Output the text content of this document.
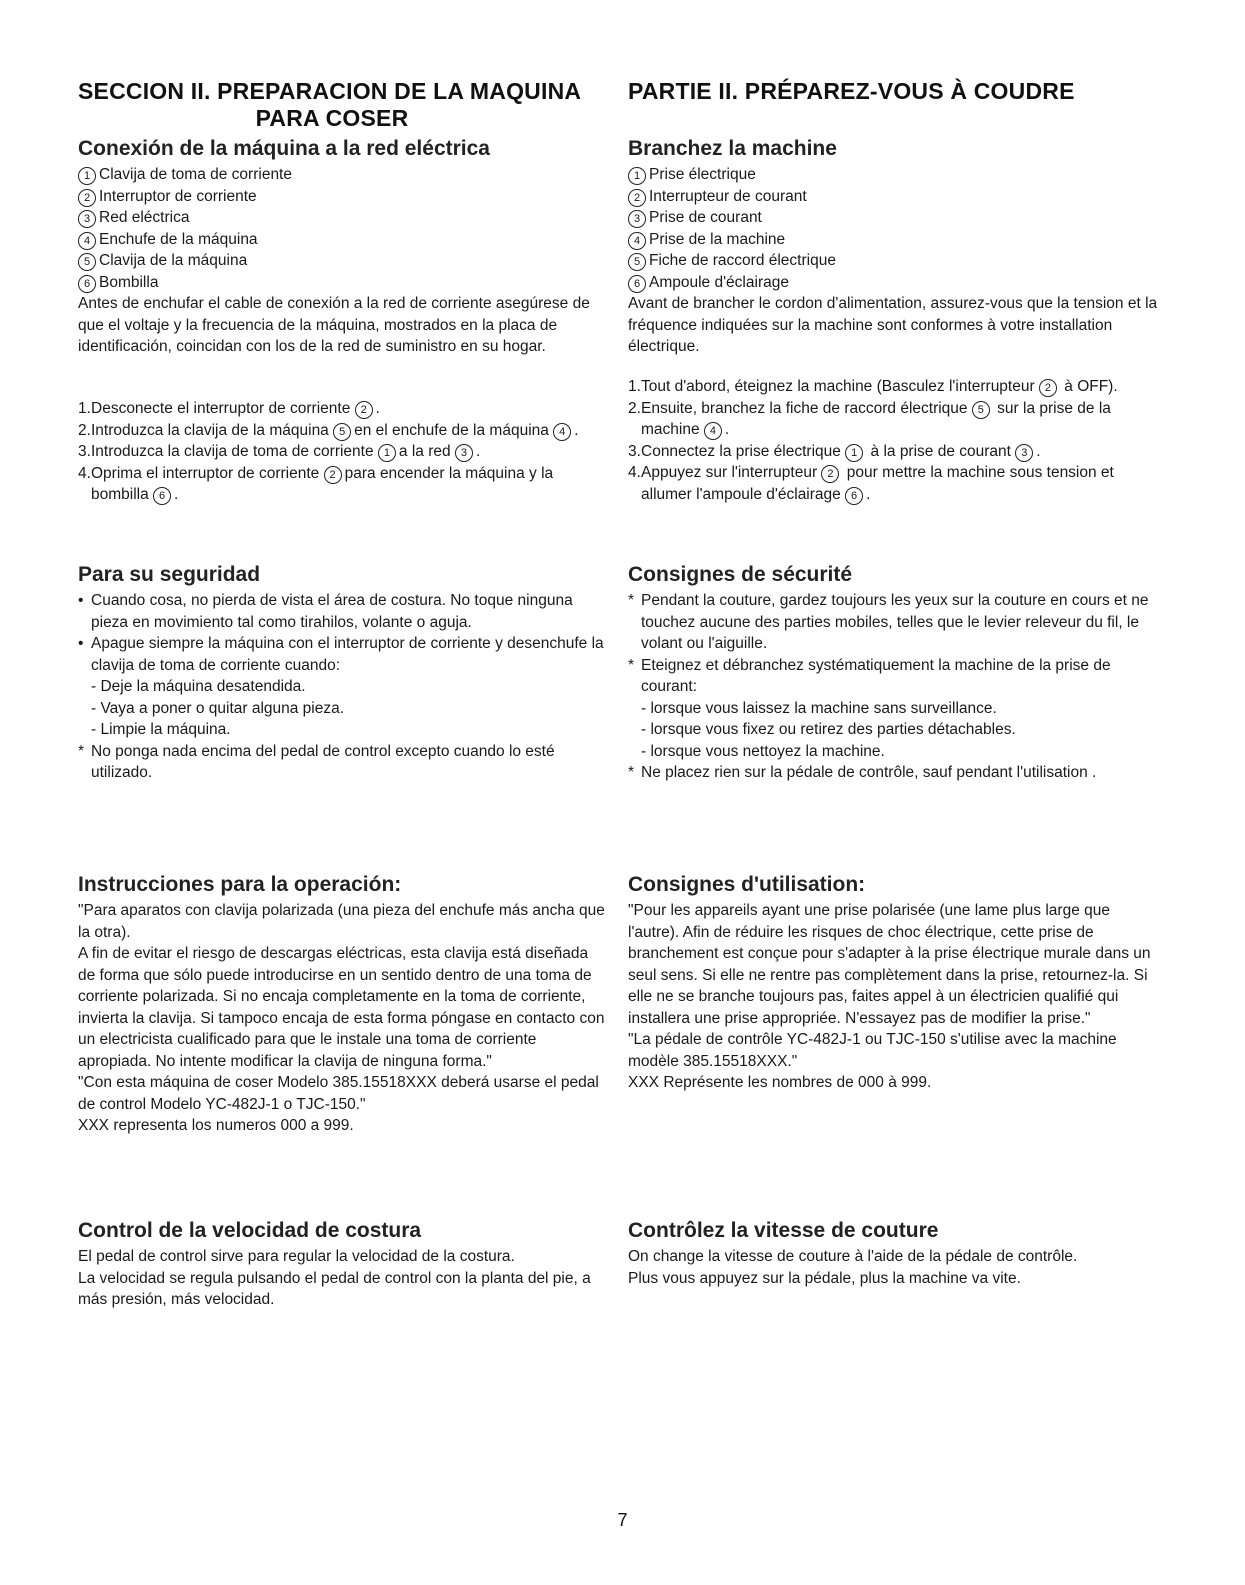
SECCION II. PREPARACION DE LA MAQUINA
PARA COSER
Conexión de la máquina a la red eléctrica
1 Clavija de toma de corriente
2 Interruptor de corriente
3 Red eléctrica
4 Enchufe de la máquina
5 Clavija de la máquina
6 Bombilla

Antes de enchufar el cable de conexión a la red de corriente asegúrese de que el voltaje y la frecuencia de la máquina, mostrados en la placa de identificación, coincidan con los de la red de suministro en su hogar.

1. Desconecte el interruptor de corriente 2 .
2. Introduzca la clavija de la máquina 5 en el enchufe de la máquina 4 .
3. Introduzca la clavija de toma de corriente 1 a la red 3 .
4. Oprima el interruptor de corriente 2 para encender la máquina y la bombilla 6 .
Para su seguridad
• Cuando cosa, no pierda de vista el área de costura. No toque ninguna pieza en movimiento tal como tirahilos, volante o aguja.
• Apague siempre la máquina con el interruptor de corriente y desenchufe la clavija de toma de corriente cuando:
- Deje la máquina desatendida.
- Vaya a poner o quitar alguna pieza.
- Limpie la máquina.
* No ponga nada encima del pedal de control excepto cuando lo esté utilizado.
Instrucciones para la operación:

"Para aparatos con clavija polarizada (una pieza del enchufe más ancha que la otra).

A fin de evitar el riesgo de descargas eléctricas, esta clavija está diseñada de forma que sólo puede introducirse en un sentido dentro de una toma de corriente polarizada. Si no encaja completamente en la toma de corriente, invierta la clavija. Si tampoco encaja de esta forma póngase en contacto con un electricista cualificado para que le instale una toma de corriente apropiada. No intente modificar la clavija de ninguna forma."

"Con esta máquina de coser Modelo 385.15518XXX deberá usarse el pedal de control Modelo YC-482J-1 o TJC-150."

XXX representa los numeros 000 a 999.

Control de la velocidad de costura

El pedal de control sirve para regular la velocidad de la costura.

La velocidad se regula pulsando el pedal de control con la planta del pie, a más presión, más velocidad.

PARTIE II. PRÉPAREZ-VOUS À COUDRE
Branchez la machine
1 Prise électrique
2 Interrupteur de courant
3 Prise de courant
4 Prise de la machine
5 Fiche de raccord électrique
6 Ampoule d'éclairage

Avant de brancher le cordon d'alimentation, assurez-vous que la tension et la fréquence indiquées sur la machine sont conformes à votre installation électrique.

1. Tout d'abord, éteignez la machine (Basculez l'interrupteur 2 à OFF).
2. Ensuite, branchez la fiche de raccord électrique 5 sur la prise de la machine 4 .
3. Connectez la prise électrique 1 à la prise de courant 3 .
4. Appuyez sur l'interrupteur 2 pour mettre la machine sous tension et allumer l'ampoule d'éclairage 6 .
Consignes de sécurité
* Pendant la couture, gardez toujours les yeux sur la couture en cours et ne touchez aucune des parties mobiles, telles que le levier releveur du fil, le volant ou l'aiguille.
* Eteignez et débranchez systématiquement la machine de la prise de courant:
- lorsque vous laissez la machine sans surveillance.
- lorsque vous fixez ou retirez des parties détachables.
- lorsque vous nettoyez la machine.
* Ne placez rien sur la pédale de contrôle, sauf pendant l'utilisation .
Consignes d'utilisation:

"Pour les appareils ayant une prise polarisée (une lame plus large que l'autre). Afin de réduire les risques de choc électrique, cette prise de branchement est conçue pour s'adapter à la prise électrique murale dans un seul sens. Si elle ne rentre pas complètement dans la prise, retournez-la. Si elle ne se branche toujours pas, faites appel à un électricien qualifié qui installera une prise appropriée. N'essayez pas de modifier la prise."

"La pédale de contrôle YC-482J-1 ou TJC-150 s'utilise avec la machine modèle 385.15518XXX."

XXX Représente les nombres de 000 à 999.

Contrôlez la vitesse de couture

On change la vitesse de couture à l'aide de la pédale de contrôle.

Plus vous appuyez sur la pédale, plus la machine va vite.

7
